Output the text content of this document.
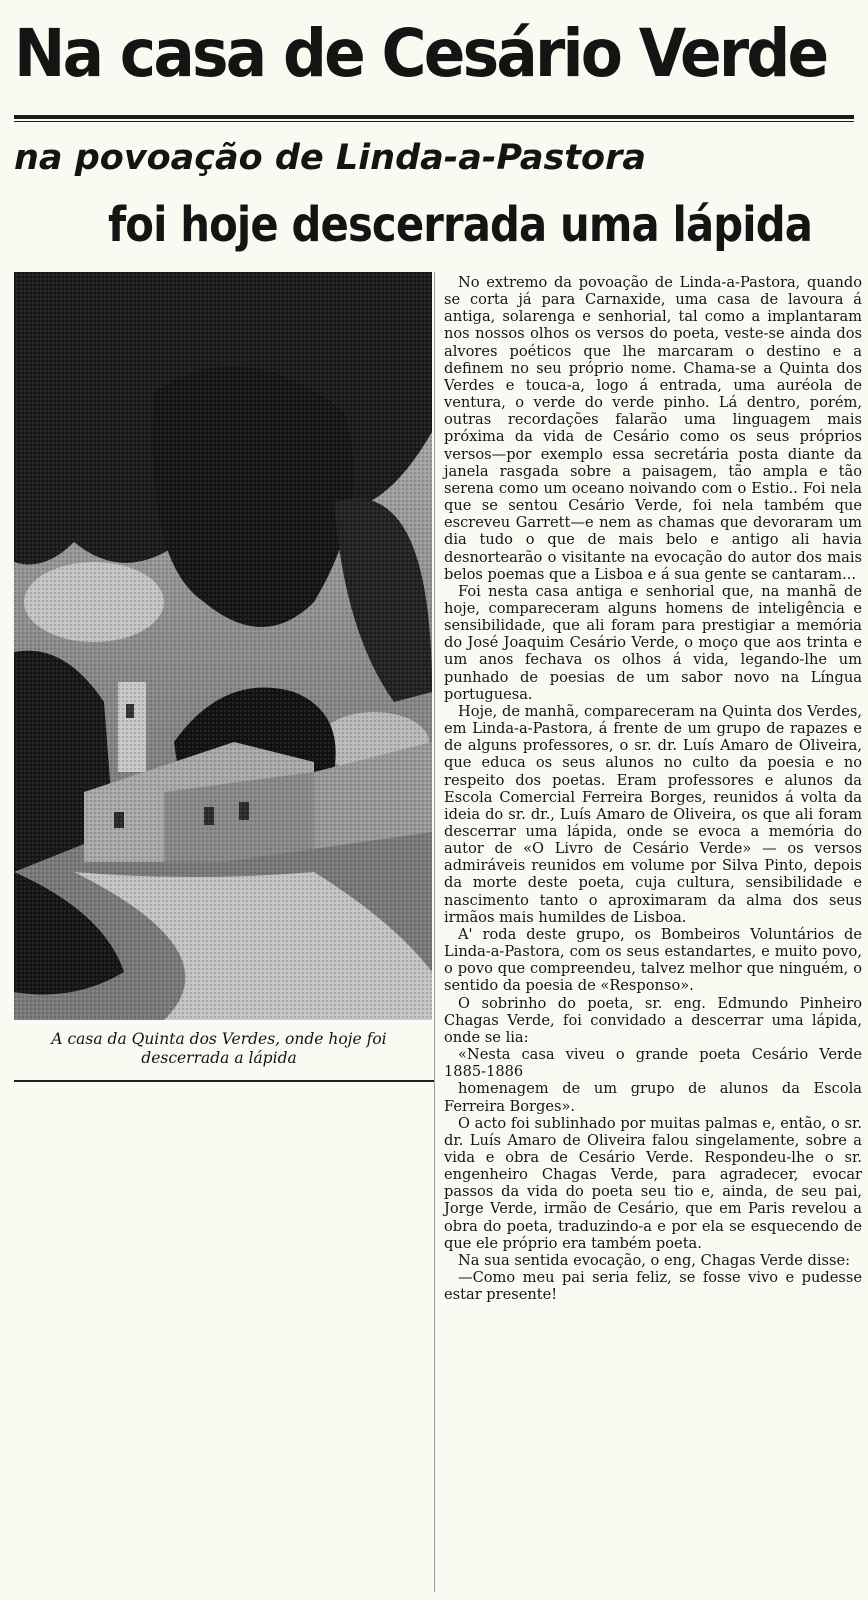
Na casa de Cesário Verde
na povoação de Linda-a-Pastora
foi hoje descerrada uma lápida
A casa da Quinta dos Verdes, onde hoje foi descerrada a lápida

No extremo da povoação de Linda-a-Pastora, quando se corta já para Carnaxide, uma casa de lavoura á antiga, solarenga e senhorial, tal como a implantaram nos nossos olhos os versos do poeta, veste-se ainda dos alvores poéticos que lhe marcaram o destino e a definem no seu próprio nome. Chama-se a Quinta dos Verdes e touca-a, logo á entrada, uma auréola de ventura, o verde do verde pinho. Lá dentro, porém, outras recordações falarão uma linguagem mais próxima da vida de Cesário como os seus próprios versos—por exemplo essa secretária posta diante da janela rasgada sobre a paisagem, tão ampla e tão serena como um oceano noivando com o Estio.. Foi nela que se sentou Cesário Verde, foi nela também que escreveu Garrett—e nem as chamas que devoraram um dia tudo o que de mais belo e antigo ali havia desnortearão o visitante na evocação do autor dos mais belos poemas que a Lisboa e á sua gente se cantaram...

Foi nesta casa antiga e senhorial que, na manhã de hoje, compareceram alguns homens de inteligência e sensibilidade, que ali foram para prestigiar a memória do José Joaquim Cesário Verde, o moço que aos trinta e um anos fechava os olhos á vida, legando-lhe um punhado de poesias de um sabor novo na Língua portuguesa.

Hoje, de manhã, compareceram na Quinta dos Verdes, em Linda-a-Pastora, á frente de um grupo de rapazes e de alguns professores, o sr. dr. Luís Amaro de Oliveira, que educa os seus alunos no culto da poesia e no respeito dos poetas. Eram professores e alunos da Escola Comercial Ferreira Borges, reunidos á volta da ideia do sr. dr., Luís Amaro de Oliveira, os que ali foram descerrar uma lápida, onde se evoca a memória do autor de «O Livro de Cesário Verde» — os versos admiráveis reunidos em volume por Silva Pinto, depois da morte deste poeta, cuja cultura, sensibilidade e nascimento tanto o aproximaram da alma dos seus irmãos mais humildes de Lisboa.

A' roda deste grupo, os Bombeiros Voluntários de Linda-a-Pastora, com os seus estandartes, e muito povo, o povo que compreendeu, talvez melhor que ninguém, o sentido da poesia de «Responso».

O sobrinho do poeta, sr. eng. Edmundo Pinheiro Chagas Verde, foi convidado a descerrar uma lápida, onde se lia:

«Nesta casa viveu o grande poeta Cesário Verde 1885-1886

homenagem de um grupo de alunos da Escola Ferreira Borges».

O acto foi sublinhado por muitas palmas e, então, o sr. dr. Luís Amaro de Oliveira falou singelamente, sobre a vida e obra de Cesário Verde. Respondeu-lhe o sr. engenheiro Chagas Verde, para agradecer, evocar passos da vida do poeta seu tio e, ainda, de seu pai, Jorge Verde, irmão de Cesário, que em Paris revelou a obra do poeta, traduzindo-a e por ela se esquecendo de que ele próprio era também poeta.

Na sua sentida evocação, o eng, Chagas Verde disse:

—Como meu pai seria feliz, se fosse vivo e pudesse estar presente!
